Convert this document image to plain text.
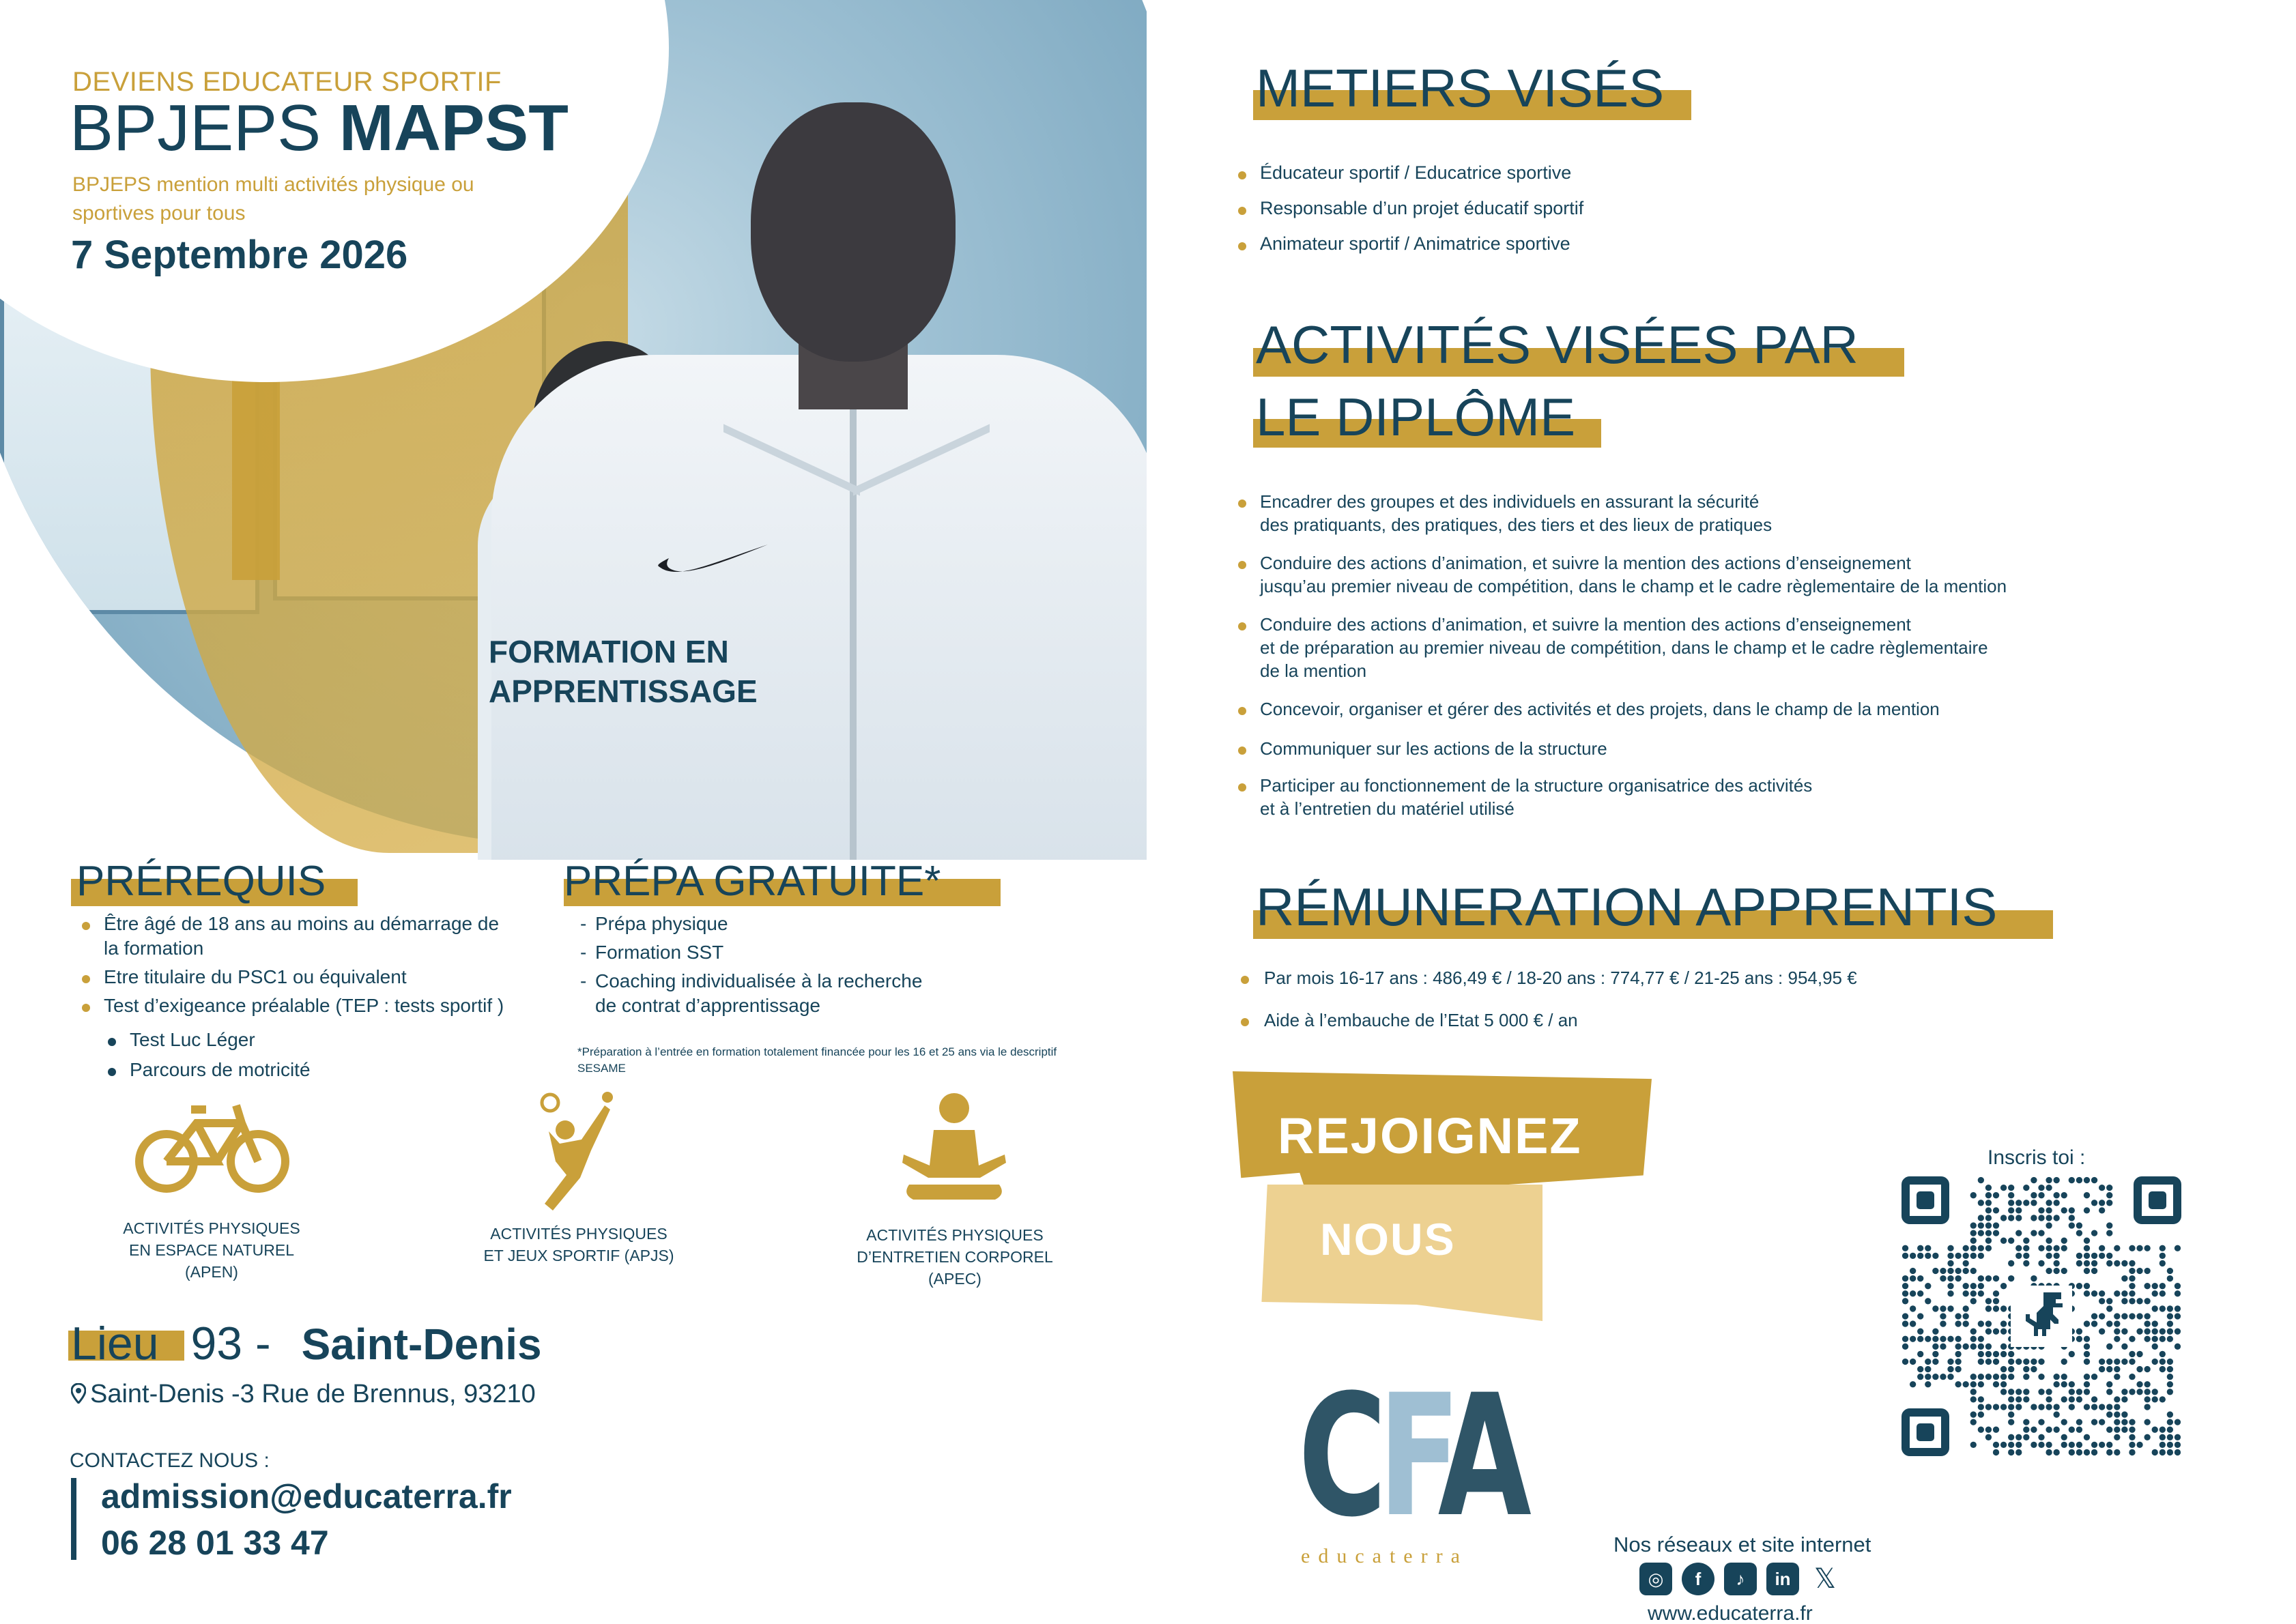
DEVIENS EDUCATEUR SPORTIF
BPJEPS MAPST
BPJEPS mention multi activités physique ou sportives pour tous
7 Septembre 2026
FORMATION EN
APPRENTISSAGE
PRÉREQUIS
Être âgé de 18 ans au moins au démarrage de la formation
Etre titulaire du PSC1 ou équivalent
Test d’exigeance préalable (TEP : tests sportif )
Test Luc Léger
Parcours de motricité
PRÉPA GRATUITE*
- Prépa physique
- Formation SST
- Coaching individualisée à la recherche de contrat d’apprentissage
*Préparation à l’entrée en formation totalement financée pour les 16 et 25 ans via le descriptif SESAME
ACTIVITÉS PHYSIQUES
EN ESPACE NATUREL (APEN)
ACTIVITÉS PHYSIQUES
ET JEUX SPORTIF (APJS)
ACTIVITÉS PHYSIQUES
D’ENTRETIEN CORPOREL (APEC)
Lieu 93 - Saint-Denis
Saint-Denis -3 Rue de Brennus, 93210
CONTACTEZ NOUS :
admission@educaterra.fr
06 28 01 33 47
METIERS VISÉS
Éducateur sportif / Educatrice sportive
Responsable d’un projet éducatif sportif
Animateur sportif / Animatrice sportive
ACTIVITÉS VISÉES PAR
LE DIPLÔME
Encadrer des groupes et des individuels en assurant la sécurité
des pratiquants, des pratiques, des tiers et des lieux de pratiques
Conduire des actions d’animation, et suivre la mention des actions d’enseignement
jusqu’au premier niveau de compétition, dans le champ et le cadre règlementaire de la mention
Conduire des actions d’animation, et suivre la mention des actions d’enseignement
et de préparation au premier niveau de compétition, dans le champ et le cadre règlementaire
de la mention
Concevoir, organiser et gérer des activités et des projets, dans le champ de la mention
Communiquer sur les actions de la structure
Participer au fonctionnement de la structure organisatrice des activités
et à l’entretien du matériel utilisé
RÉMUNERATION APPRENTIS
Par mois 16-17 ans : 486,49 € / 18-20 ans : 774,77 € / 21-25 ans : 954,95 €
Aide à l’embauche de l’Etat 5 000 € / an
REJOIGNEZ
NOUS
CFA
educaterra
Inscris toi :
Nos réseaux et site internet
◎	f	♪	in 𝕏
www.educaterra.fr
